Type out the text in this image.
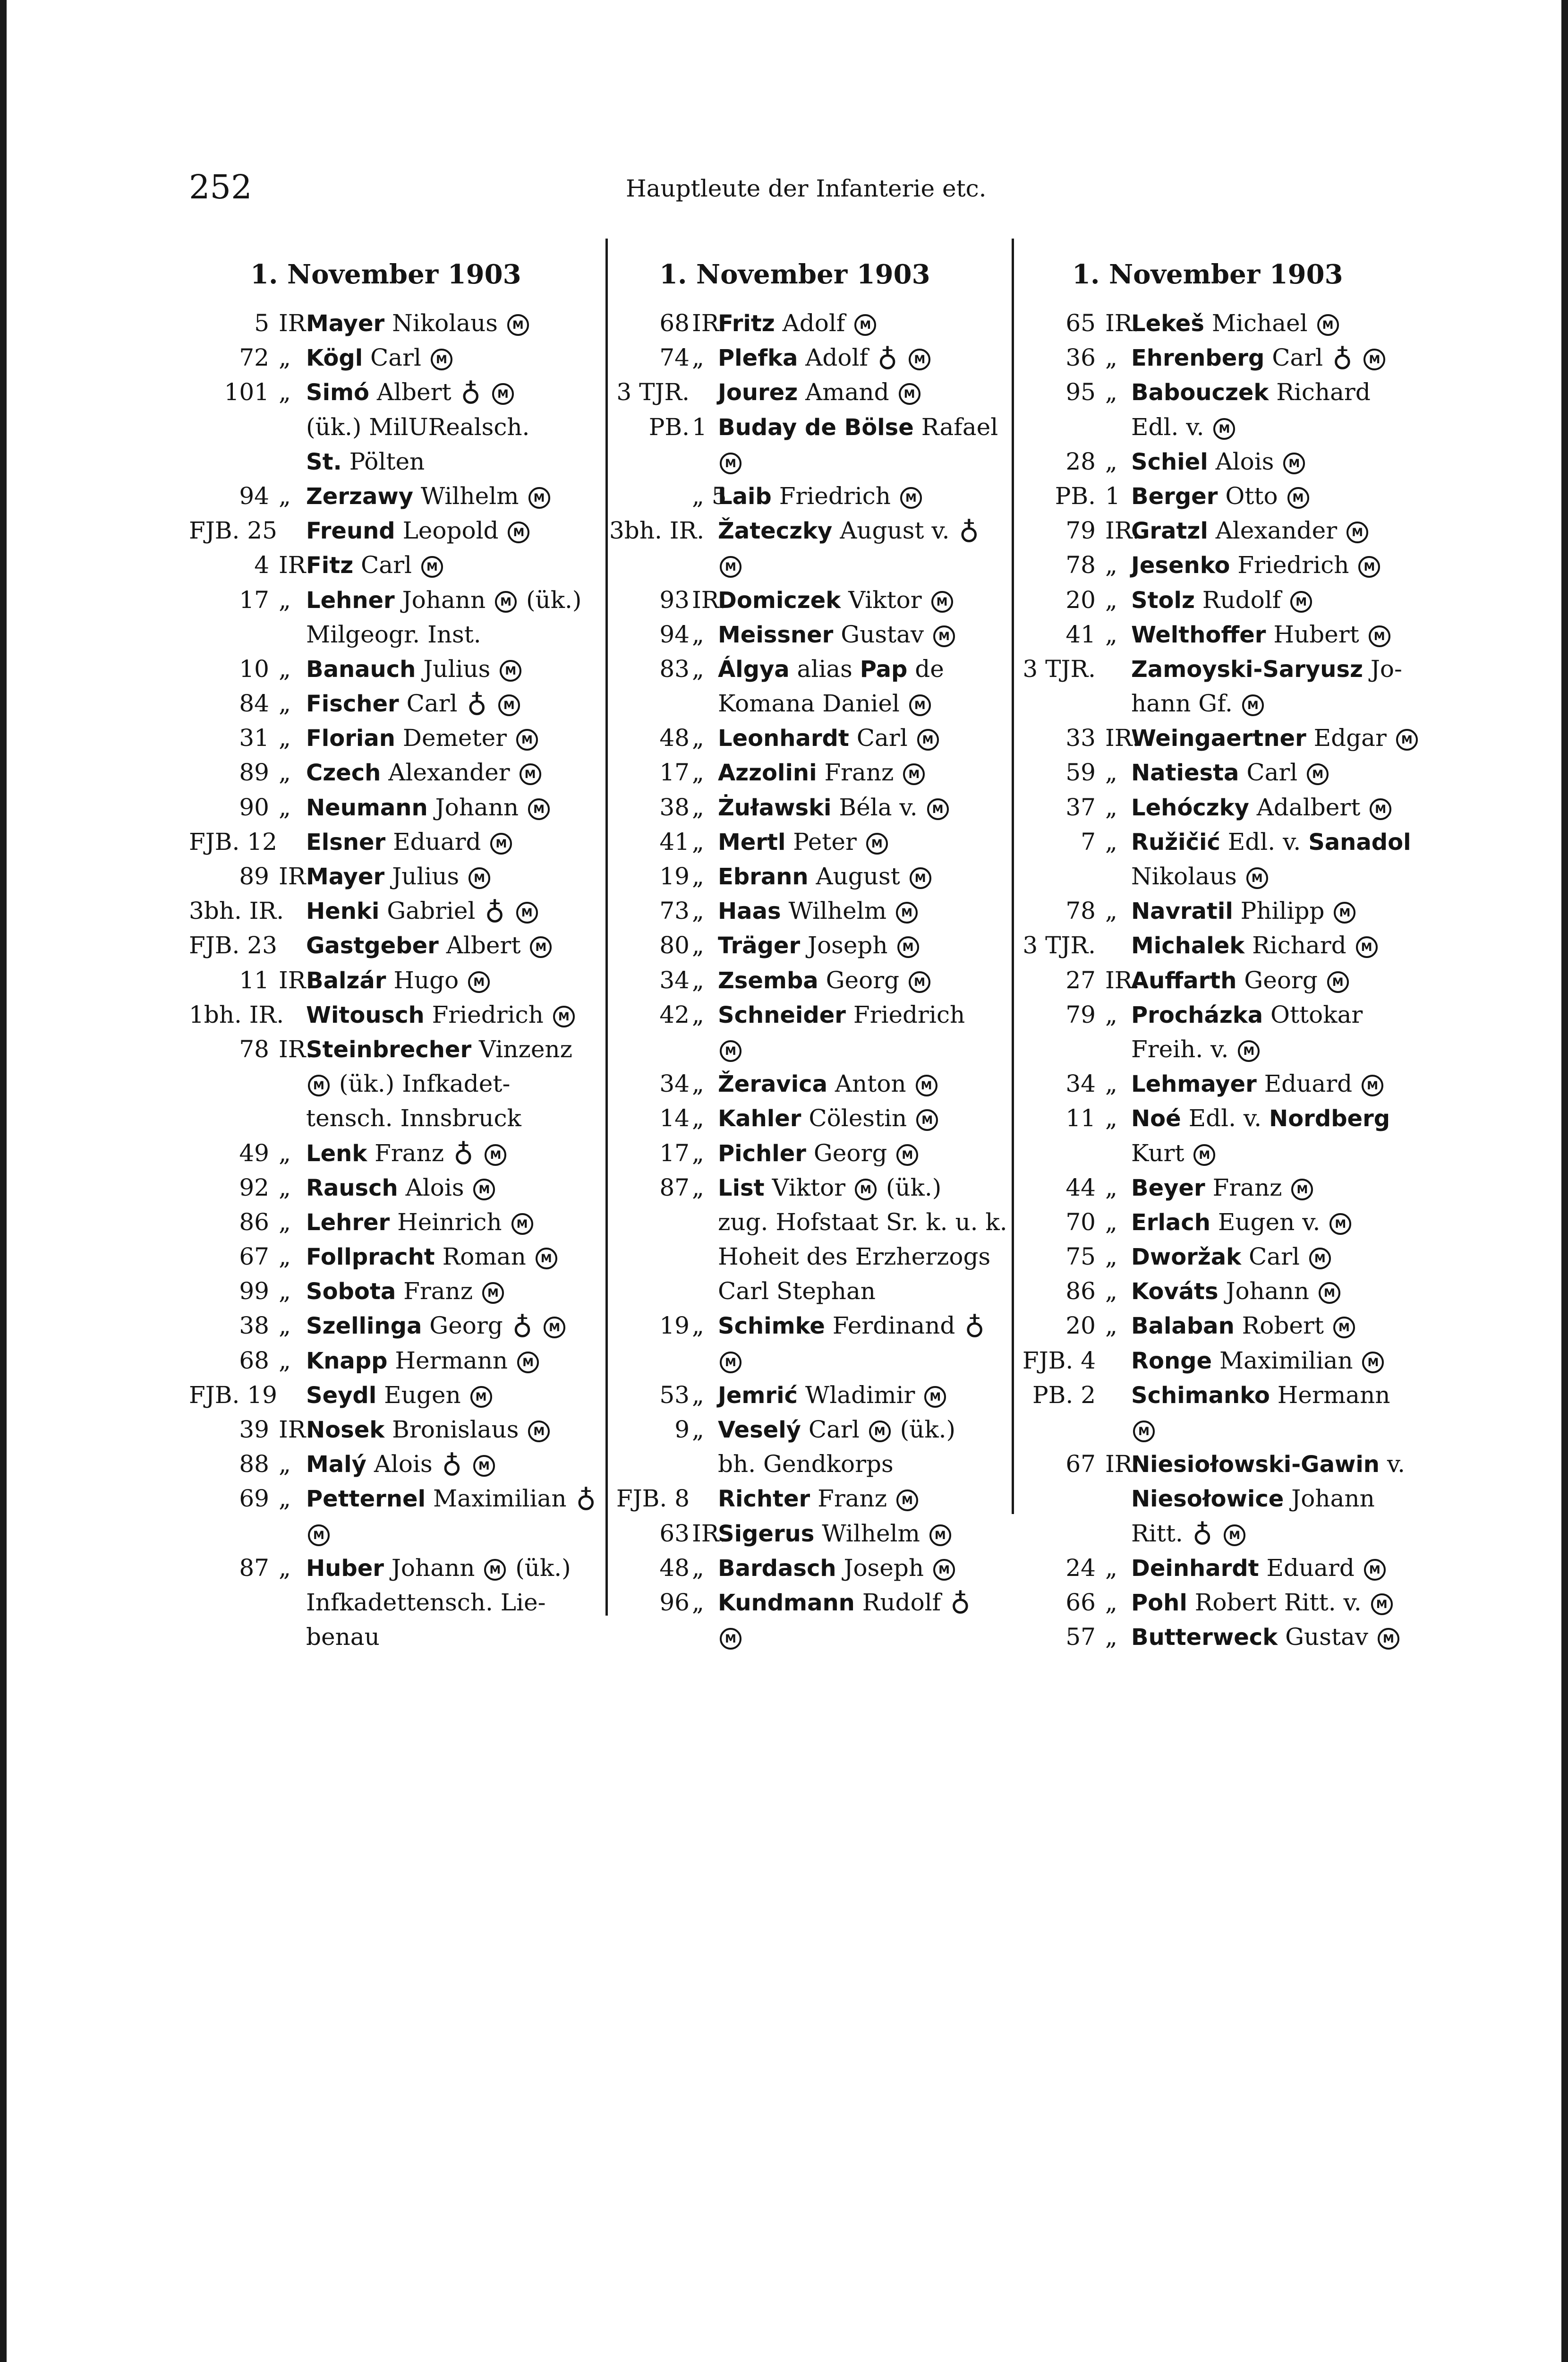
252	Hauptleute der Infanterie etc.
1. November 1903
5 IR.
Mayer Nikolaus M
72 „ Kögl Carl M
101 „ Simó Albert ♁ M
(ük.) MilURealsch.
St. Pölten
94 „ Zerzawy Wilhelm M
FJB. 25 Freund Leopold M
4 IR.
Fitz Carl M
17 „ Lehner Johann M (ük.)
Milgeogr. Inst.
10 „ Banauch Julius M
84 „ Fischer Carl ♁ M
31 „ Florian Demeter M
89 „ Czech Alexander M
90 „ Neumann Johann M
FJB. 12 Elsner Eduard M
89 IR.
Mayer Julius M
3bh. IR. Henki Gabriel ♁ M
FJB. 23 Gastgeber Albert M
11 IR.
Balzár Hugo M
1bh. IR. Witousch Friedrich M
78 IR.
Steinbrecher Vinzenz
M (ük.) Infkadet-
tensch. Innsbruck
49 „ Lenk Franz ♁ M
92 „ Rausch Alois M
86 „ Lehrer Heinrich M
67 „ Follpracht Roman M
99 „ Sobota Franz M
38 „ Szellinga Georg ♁ M
68 „ Knapp Hermann M
FJB. 19 Seydl Eugen M
39 IR.
Nosek Bronislaus M
88 „ Malý Alois ♁ M
69 „ Petternel Maximilian ♁
M
87 „ Huber Johann M (ük.)
Infkadettensch. Lie-
benau
1. November 1903
68 IR.
Fritz Adolf M
74 „ Plefka Adolf ♁ M
3 TJR. Jourez Amand M
PB. 1 Buday de Bölse Rafael
M
„ 5
Laib Friedrich M
3bh. IR. Žateczky August v. ♁
M
93 IR.
Domiczek Viktor M
94 „ Meissner Gustav M
83 „ Álgya alias Pap de
Komana Daniel M
48 „ Leonhardt Carl M
17 „ Azzolini Franz M
38 „ Żuławski Béla v. M
41 „ Mertl Peter M
19 „ Ebrann August M
73 „ Haas Wilhelm M
80 „ Träger Joseph M
34 „ Zsemba Georg M
42 „ Schneider Friedrich
M
34 „ Žeravica Anton M
14 „ Kahler Cölestin M
17 „ Pichler Georg M
87 „ List Viktor M (ük.)
zug. Hofstaat Sr. k. u. k.
Hoheit des Erzherzogs
Carl Stephan
19 „ Schimke Ferdinand ♁
M
53 „ Jemrić Wladimir M
9 „ Veselý Carl M (ük.)
bh. Gendkorps
FJB. 8 Richter Franz M
63 IR.
Sigerus Wilhelm M
48 „ Bardasch Joseph M
96 „ Kundmann Rudolf ♁
M
1. November 1903
65 IR.
Lekeš Michael M
36 „ Ehrenberg Carl ♁ M
95 „ Babouczek Richard
Edl. v. M
28 „ Schiel Alois M
PB. 1 Berger Otto M
79 IR.
Gratzl Alexander M
78 „ Jesenko Friedrich M
20 „ Stolz Rudolf M
41 „ Welthoffer Hubert M
3 TJR. Zamoyski-Saryusz Jo-
hann Gf. M
33 IR.
Weingaertner Edgar M
59 „ Natiesta Carl M
37 „ Lehóczky Adalbert M
7 „ Ružičić Edl. v. Sanadol
Nikolaus M
78 „ Navratil Philipp M
3 TJR. Michalek Richard M
27 IR.
Auffarth Georg M
79 „ Procházka Ottokar
Freih. v. M
34 „ Lehmayer Eduard M
11 „ Noé Edl. v. Nordberg
Kurt M
44 „ Beyer Franz M
70 „ Erlach Eugen v. M
75 „ Dworžak Carl M
86 „ Kováts Johann M
20 „ Balaban Robert M
FJB. 4 Ronge Maximilian M
PB. 2 Schimanko Hermann
M
67 IR.
Niesiołowski-Gawin v.
Niesołowice Johann
Ritt. ♁ M
24 „ Deinhardt Eduard M
66 „ Pohl Robert Ritt. v. M
57 „ Butterweck Gustav M
